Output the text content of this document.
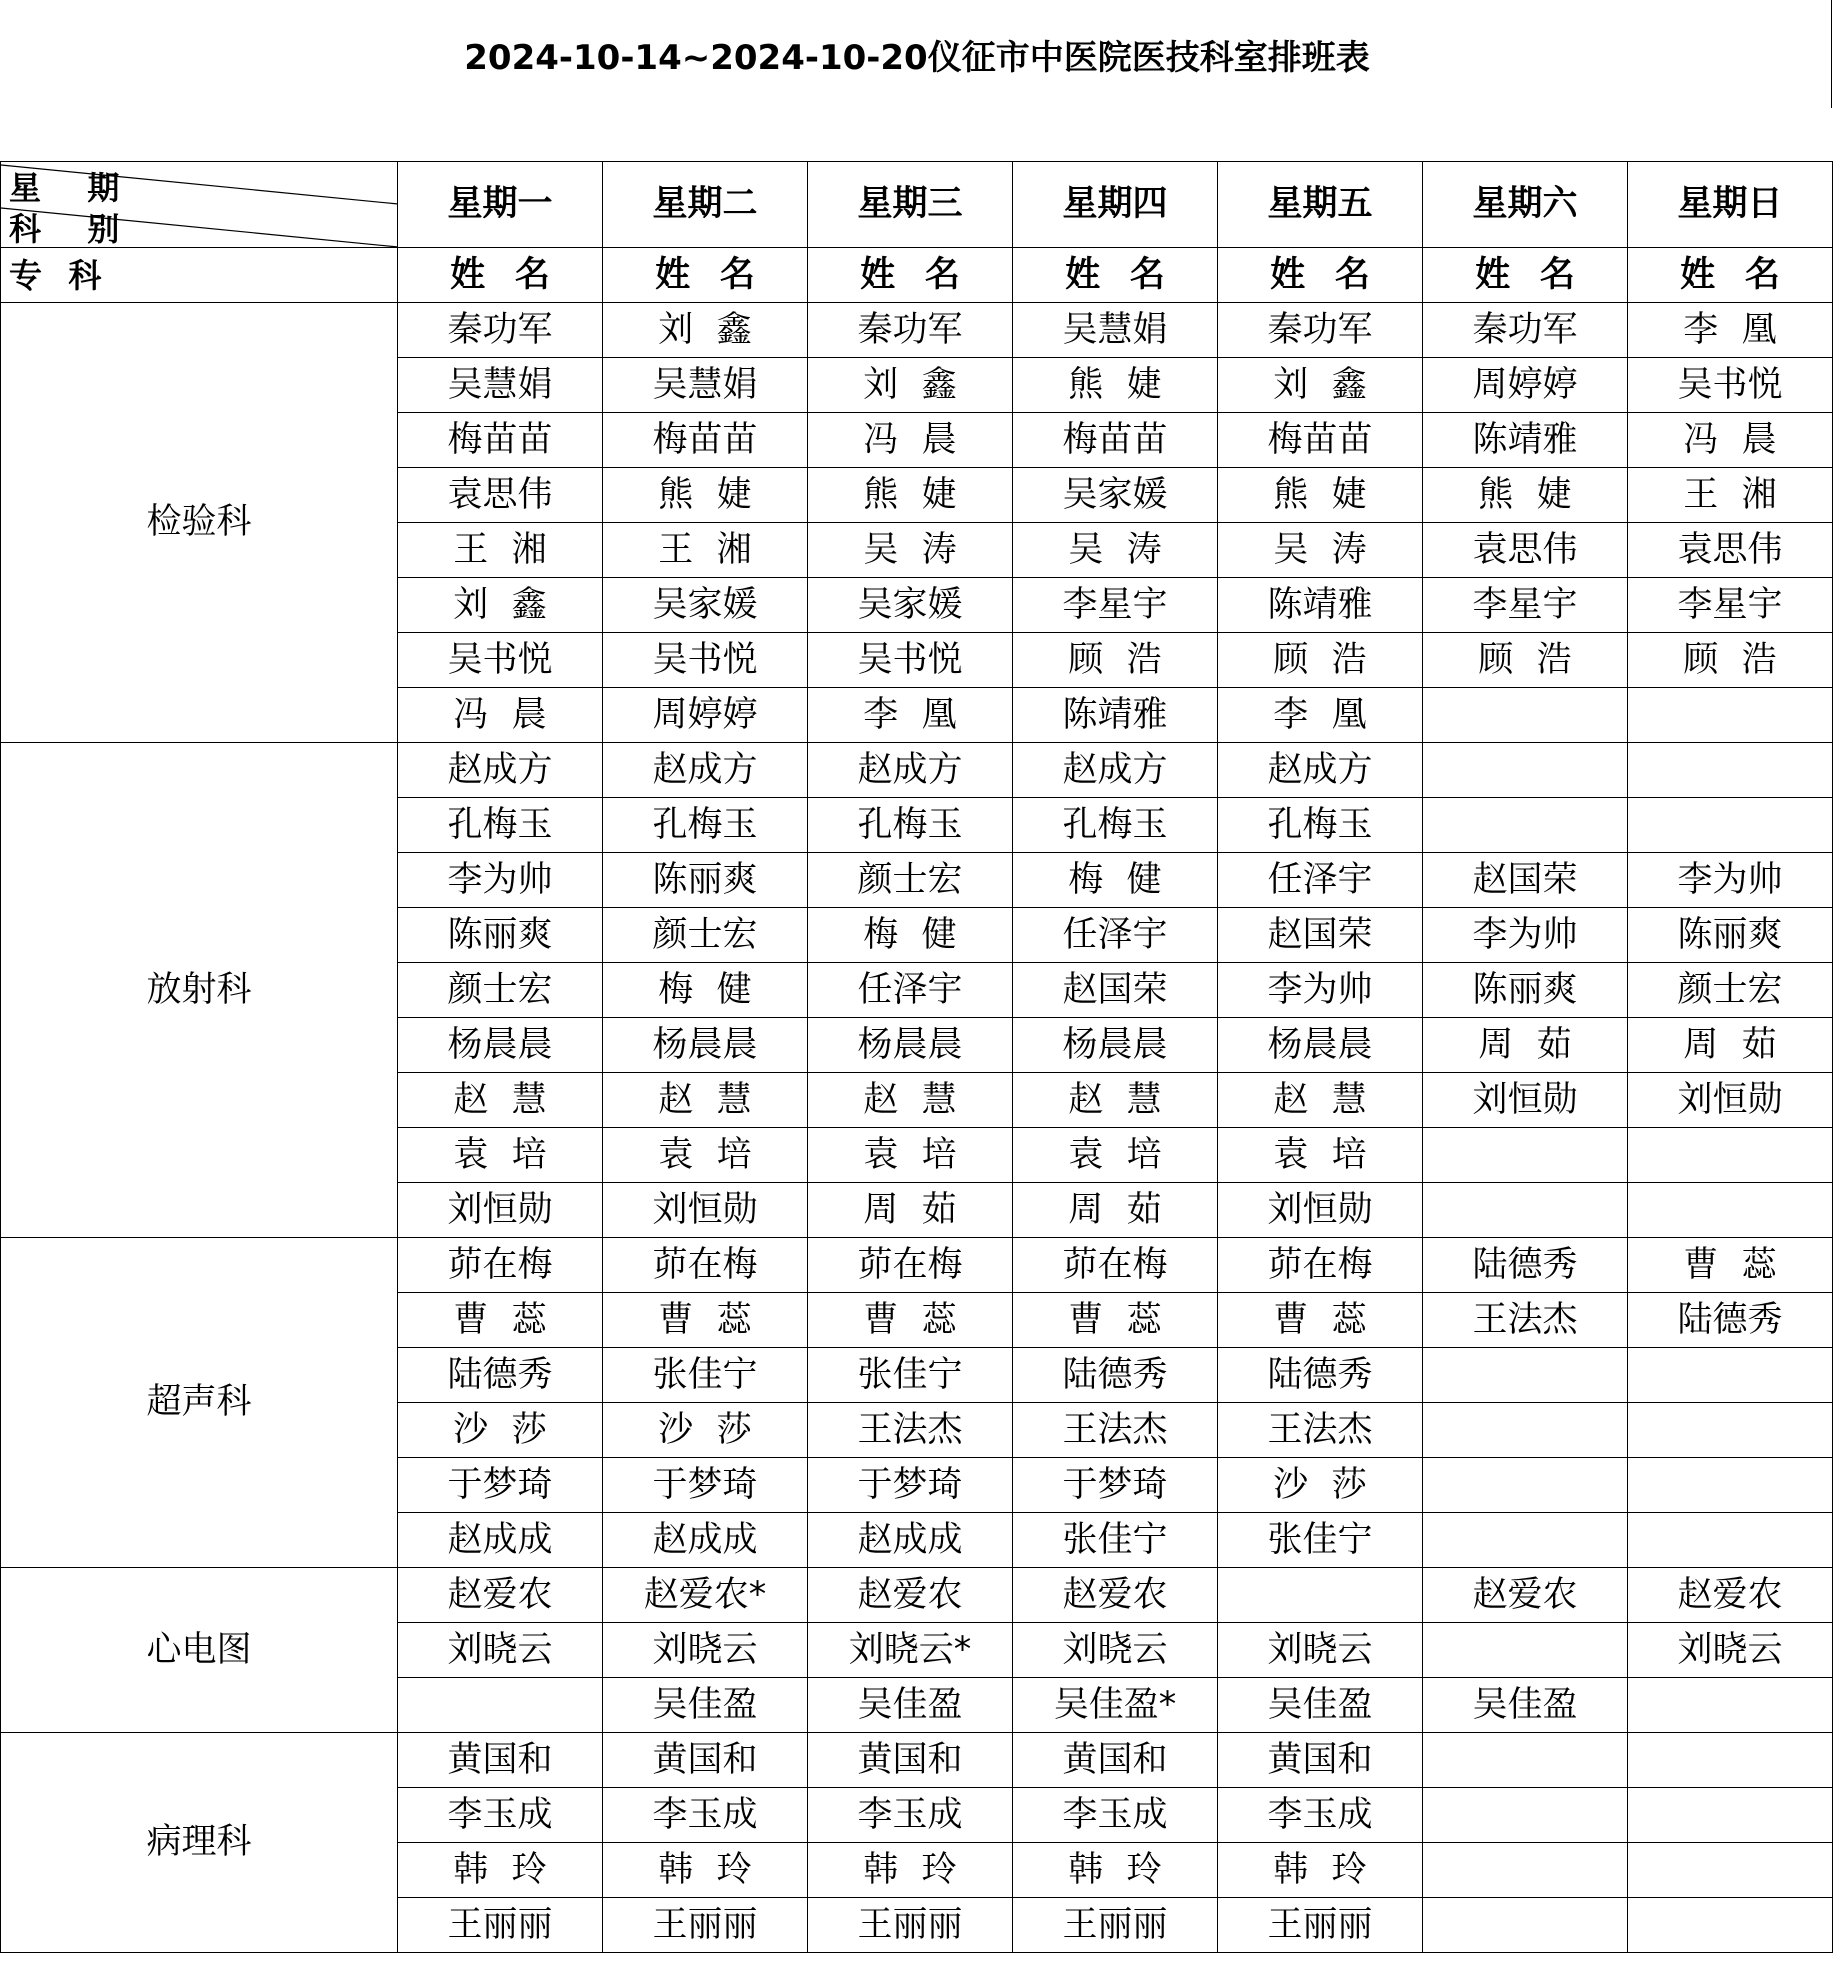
2024-10-14~2024-10-20仪征市中医院医技科室排班表
星 期
科 别	星期一	星期二	星期三	星期四	星期五	星期六	星期日
专 科	姓 名	姓 名	姓 名	姓 名	姓 名	姓 名	姓 名
检验科	秦功军	刘 鑫	秦功军	吴慧娟	秦功军	秦功军	李 凰
	吴慧娟	吴慧娟	刘 鑫	熊 婕	刘 鑫	周婷婷	吴书悦
	梅苗苗	梅苗苗	冯 晨	梅苗苗	梅苗苗	陈靖雅	冯 晨
	袁思伟	熊 婕	熊 婕	吴家媛	熊 婕	熊 婕	王 湘
	王 湘	王 湘	吴 涛	吴 涛	吴 涛	袁思伟	袁思伟
	刘 鑫	吴家媛	吴家媛	李星宇	陈靖雅	李星宇	李星宇
	吴书悦	吴书悦	吴书悦	顾 浩	顾 浩	顾 浩	顾 浩
	冯 晨	周婷婷	李 凰	陈靖雅	李 凰		
放射科	赵成方	赵成方	赵成方	赵成方	赵成方		
	孔梅玉	孔梅玉	孔梅玉	孔梅玉	孔梅玉		
	李为帅	陈丽爽	颜士宏	梅 健	任泽宇	赵国荣	李为帅
	陈丽爽	颜士宏	梅 健	任泽宇	赵国荣	李为帅	陈丽爽
	颜士宏	梅 健	任泽宇	赵国荣	李为帅	陈丽爽	颜士宏
	杨晨晨	杨晨晨	杨晨晨	杨晨晨	杨晨晨	周 茹	周 茹
	赵 慧	赵 慧	赵 慧	赵 慧	赵 慧	刘恒勋	刘恒勋
	袁 培	袁 培	袁 培	袁 培	袁 培		
	刘恒勋	刘恒勋	周 茹	周 茹	刘恒勋		
超声科	茆在梅	茆在梅	茆在梅	茆在梅	茆在梅	陆德秀	曹 蕊
	曹 蕊	曹 蕊	曹 蕊	曹 蕊	曹 蕊	王法杰	陆德秀
	陆德秀	张佳宁	张佳宁	陆德秀	陆德秀		
	沙 莎	沙 莎	王法杰	王法杰	王法杰		
	于梦琦	于梦琦	于梦琦	于梦琦	沙 莎		
	赵成成	赵成成	赵成成	张佳宁	张佳宁		
心电图	赵爱农	赵爱农*	赵爱农	赵爱农		赵爱农	赵爱农
	刘晓云	刘晓云	刘晓云*	刘晓云	刘晓云		刘晓云
		吴佳盈	吴佳盈	吴佳盈*	吴佳盈	吴佳盈	
病理科	黄国和	黄国和	黄国和	黄国和	黄国和		
	李玉成	李玉成	李玉成	李玉成	李玉成		
	韩 玲	韩 玲	韩 玲	韩 玲	韩 玲		
	王丽丽	王丽丽	王丽丽	王丽丽	王丽丽		
